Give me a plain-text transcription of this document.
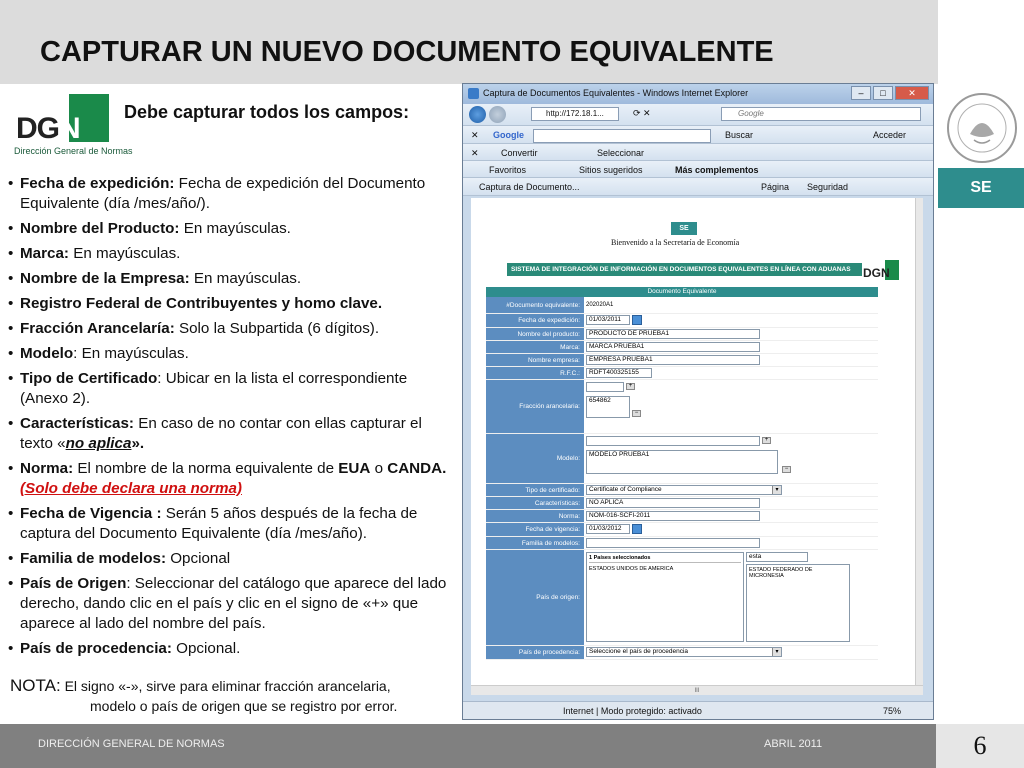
CAPTURAR UN NUEVO DOCUMENTO EQUIVALENTE
SE
DGN
Dirección General de Normas
Debe capturar todos los campos:
• Fecha de expedición: Fecha de expedición del Documento Equivalente (día /mes/año/).
• Nombre del Producto: En mayúsculas.
• Marca: En mayúsculas.
• Nombre de la Empresa: En mayúsculas.
• Registro Federal de Contribuyentes y homo clave.
• Fracción Arancelaría: Solo la Subpartida (6 dígitos).
• Modelo: En mayúsculas.
• Tipo de Certificado: Ubicar en la lista el correspondiente (Anexo 2).
• Características: En caso de no contar con ellas capturar el texto «no aplica».
• Norma: El nombre de la norma equivalente de EUA o CANDA. (Solo debe declara una norma)
• Fecha de Vigencia : Serán 5 años después de la fecha de captura del Documento Equivalente (día /mes/año).
• Familia de modelos: Opcional
• País de Origen: Seleccionar del catálogo que aparece del lado derecho, dando clic en el país y clic en el signo de «+» que aparece al lado del nombre del país.
• País de procedencia: Opcional.
NOTA: El signo «-», sirve para eliminar fracción arancelaria,
modelo o país de origen que se registro por error.
Captura de Documentos Equivalentes - Windows Internet Explorer	–	□	✕
http://172.18.1...	⟳ ✕	Google
✕ Google	Buscar	Acceder
✕ Convertir	Seleccionar
Favoritos	Sitios sugeridos	Más complementos
Captura de Documento...	Página Seguridad
SE
Bienvenido a la Secretaría de Economía
SISTEMA DE INTEGRACIÓN DE INFORMACIÓN EN DOCUMENTOS EQUIVALENTES EN LÍNEA CON ADUANAS	DGN
Documento Equivalente
#Documento equivalente:	202020A1
Fecha de expedición:	01/03/2011
Nombre del producto:	PRODUCTO DE PRUEBA1
Marca:	MARCA PRUEBA1
Nombre empresa:	EMPRESA PRUEBA1
R.F.C.:	RDFT400325155
Fracción arancelaria:
+
654862
−
Modelo:
+
MODELO PRUEBA1
−
Tipo de certificado:	Certificate of Compliance	▾
Características:	NO APLICA
Norma:	NOM-016-SCFI-2011
Fecha de vigencia:	01/03/2012
Familia de modelos:
País de origen:
1 Países seleccionados
ESTADOS UNIDOS DE AMERICA
esta
ESTADO FEDERADO DE MICRONESIA
País de procedencia:	Seleccione el país de procedencia	▾
III
Internet | Modo protegido: activado	75%
DIRECCIÓN GENERAL DE NORMAS	ABRIL 2011	6
